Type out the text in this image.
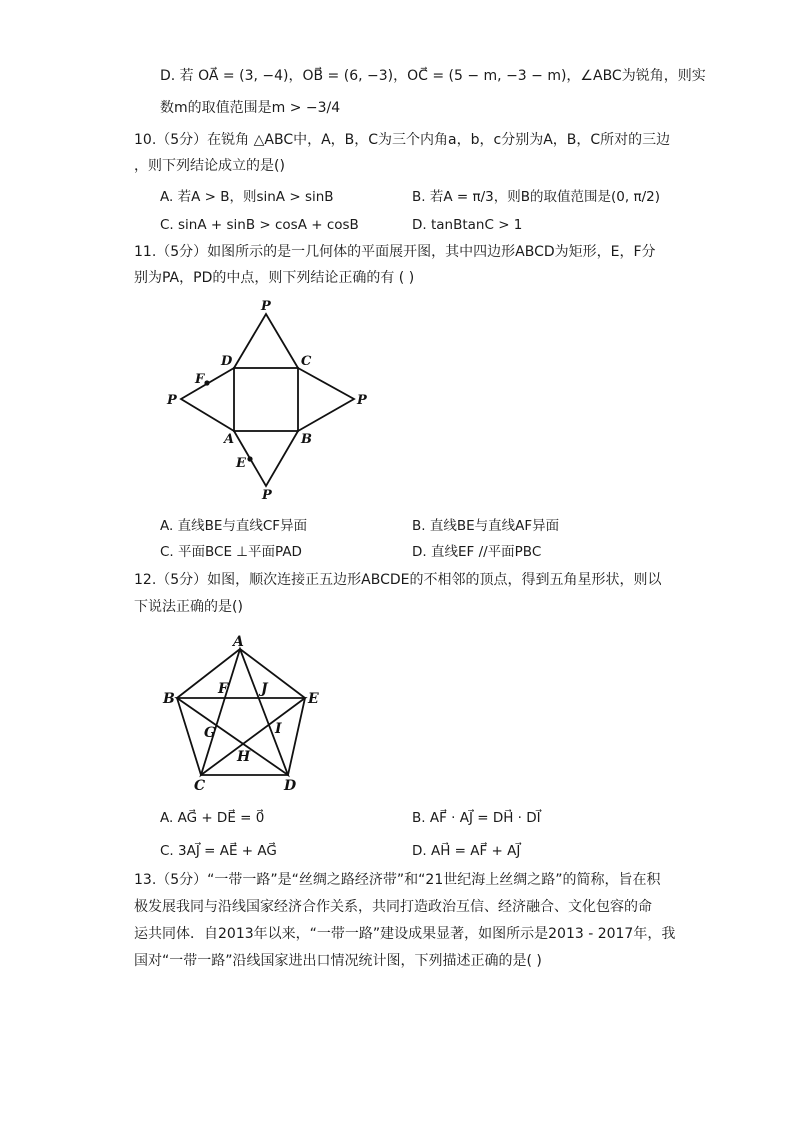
D. 若 OA⃗ = (3, −4)，OB⃗ = (6, −3)，OC⃗ = (5 − m, −3 − m)，∠ABC为锐角，则实
数m的取值范围是m > −3/4
10.（5分）在锐角 △ABC中，A，B，C为三个内角a，b，c分别为A，B，C所对的三边
，则下列结论成立的是()
A. 若A > B，则sinA > sinB	B. 若A = π/3，则B的取值范围是(0, π/2)
C. sinA + sinB > cosA + cosB	D. tanBtanC > 1
11.（5分）如图所示的是一几何体的平面展开图，其中四边形ABCD为矩形，E，F分
别为PA，PD的中点，则下列结论正确的有 ( )
P
D	C
F
P	P
A	B
E
P
A. 直线BE与直线CF异面	B. 直线BE与直线AF异面
C. 平面BCE ⊥平面PAD	D. 直线EF //平面PBC
12.（5分）如图，顺次连接正五边形ABCDE的不相邻的顶点，得到五角星形状，则以
下说法正确的是()
A
B	E
F J
G	I
H
C	D
A. AG⃗ + DE⃗ = 0⃗	B. AF⃗ · AJ⃗ = DH⃗ · DI⃗
C. 3AJ⃗ = AE⃗ + AG⃗	D. AH⃗ = AF⃗ + AJ⃗
13.（5分）“一带一路”是“丝绸之路经济带”和“21世纪海上丝绸之路”的简称，旨在积
极发展我同与沿线国家经济合作关系，共同打造政治互信、经济融合、文化包容的命
运共同体．自2013年以来，“一带一路”建设成果显著，如图所示是2013 - 2017年，我
国对“一带一路”沿线国家进出口情况统计图，下列描述正确的是( )
